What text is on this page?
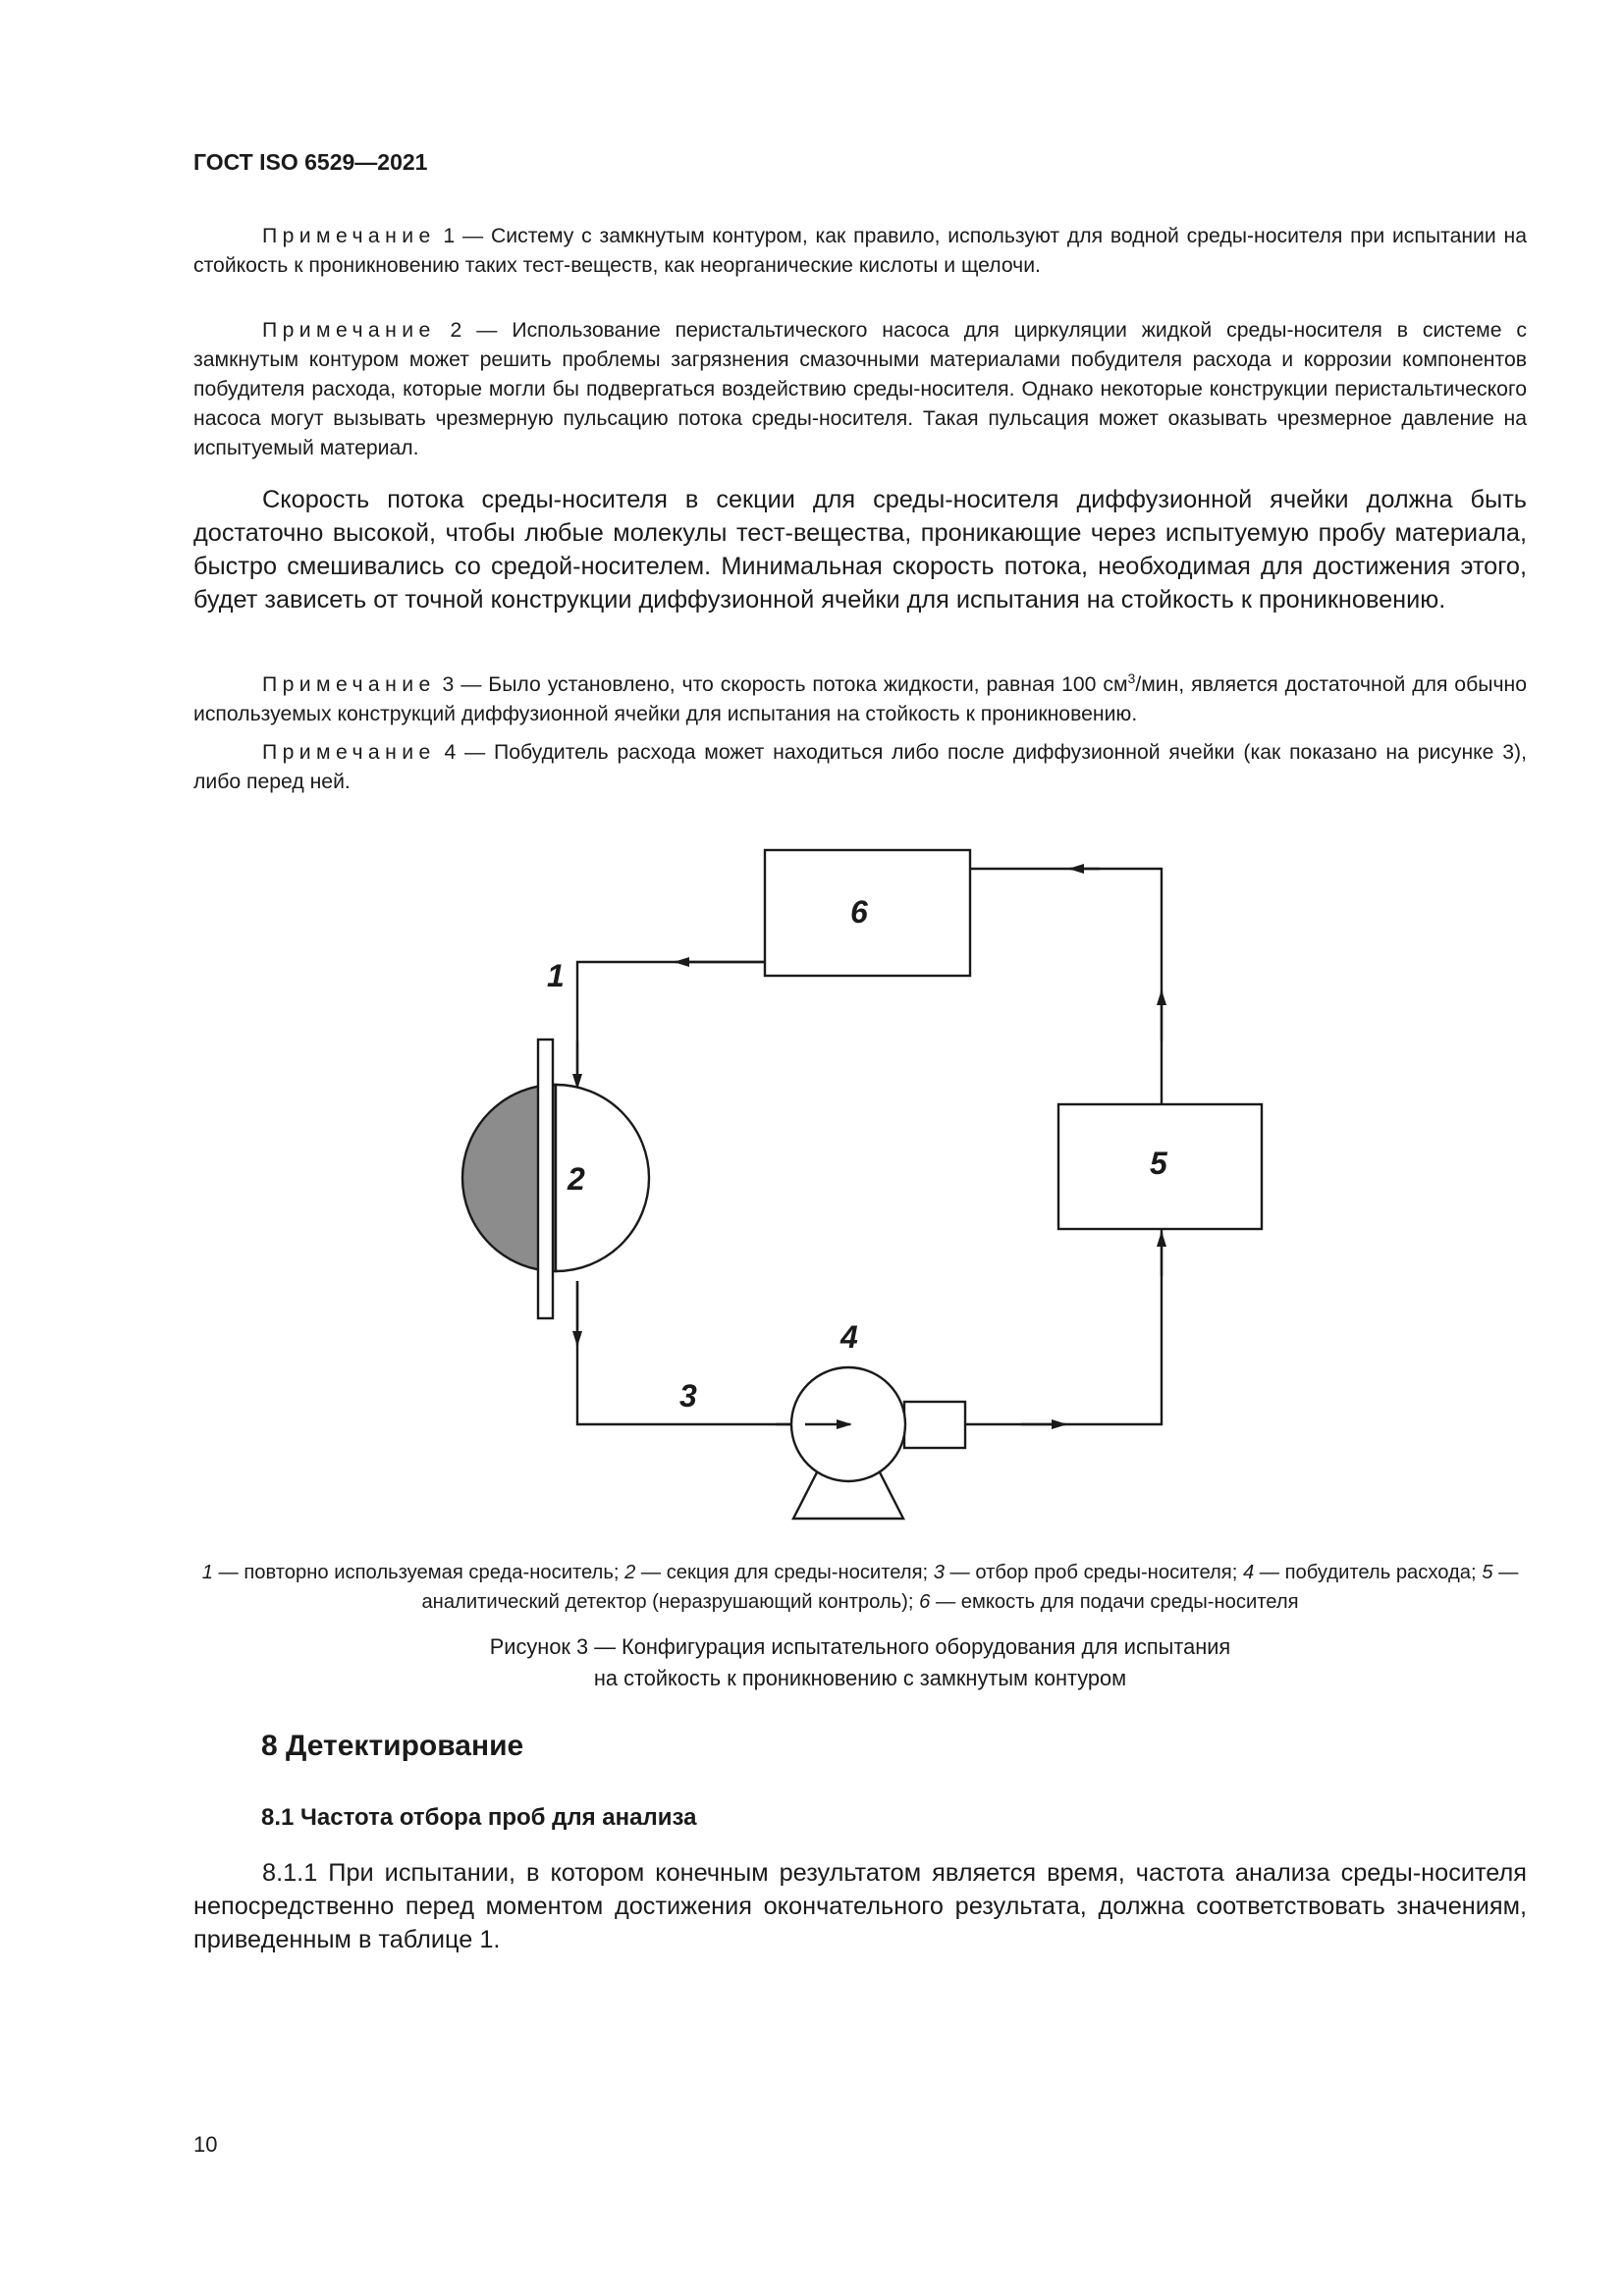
ГОСТ ISO 6529—2021

Примечание 1 — Систему с замкнутым контуром, как правило, используют для водной среды-носителя при испытании на стойкость к проникновению таких тест-веществ, как неорганические кислоты и щелочи.

Примечание 2 — Использование перистальтического насоса для циркуляции жидкой среды-носителя в системе с замкнутым контуром может решить проблемы загрязнения смазочными материалами побудителя расхода и коррозии компонентов побудителя расхода, которые могли бы подвергаться воздействию среды-носителя. Однако некоторые конструкции перистальтического насоса могут вызывать чрезмерную пульсацию потока среды-носителя. Такая пульсация может оказывать чрезмерное давление на испытуемый материал.

Скорость потока среды-носителя в секции для среды-носителя диффузионной ячейки должна быть достаточно высокой, чтобы любые молекулы тест-вещества, проникающие через испытуемую пробу материала, быстро смешивались со средой-носителем. Минимальная скорость потока, необходимая для достижения этого, будет зависеть от точной конструкции диффузионной ячейки для испытания на стойкость к проникновению.

Примечание 3 — Было установлено, что скорость потока жидкости, равная 100 $см^3$/мин, является достаточной для обычно используемых конструкций диффузионной ячейки для испытания на стойкость к проникновению.

Примечание 4 — Побудитель расхода может находиться либо после диффузионной ячейки (как показано на рисунке 3), либо перед ней.

1
2
3
4
5
6

1 — повторно используемая среда-носитель; 2 — секция для среды-носителя; 3 — отбор проб среды-носителя; 4 — побудитель расхода; 5 — аналитический детектор (неразрушающий контроль); 6 — емкость для подачи среды-носителя

Рисунок 3 — Конфигурация испытательного оборудования для испытания

на стойкость к проникновению с замкнутым контуром

8 Детектирование
8.1 Частота отбора проб для анализа

8.1.1 При испытании, в котором конечным результатом является время, частота анализа среды-носителя непосредственно перед моментом достижения окончательного результата, должна соответствовать значениям, приведенным в таблице 1.

10
